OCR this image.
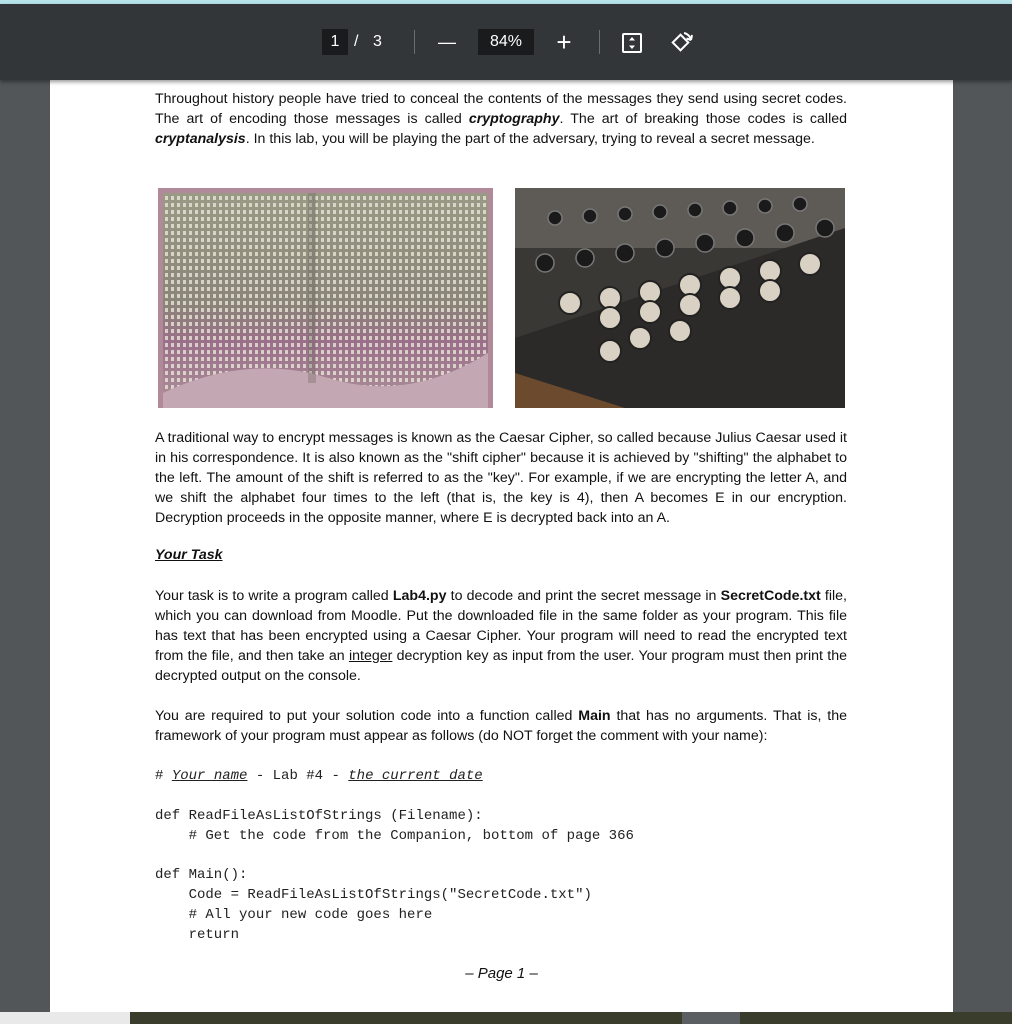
1 / 3	—	84%	+

Throughout history people have tried to conceal the contents of the messages they send using secret codes. The art of encoding those messages is called cryptography. The art of breaking those codes is called cryptanalysis. In this lab, you will be playing the part of the adversary, trying to reveal a secret message.

A traditional way to encrypt messages is known as the Caesar Cipher, so called because Julius Caesar used it in his correspondence. It is also known as the "shift cipher" because it is achieved by "shifting" the alphabet to the left. The amount of the shift is referred to as the "key". For example, if we are encrypting the letter A, and we shift the alphabet four times to the left (that is, the key is 4), then A becomes E in our encryption. Decryption proceeds in the opposite manner, where E is decrypted back into an A.

Your Task

Your task is to write a program called Lab4.py to decode and print the secret message in SecretCode.txt file, which you can download from Moodle. Put the downloaded file in the same folder as your program. This file has text that has been encrypted using a Caesar Cipher. Your program will need to read the encrypted text from the file, and then take an integer decryption key as input from the user. Your program must then print the decrypted output on the console.

You are required to put your solution code into a function called Main that has no arguments. That is, the framework of your program must appear as follows (do NOT forget the comment with your name):

# Your name - Lab #4 - the current date
def ReadFileAsListOfStrings (Filename):
# Get the code from the Companion, bottom of page 366
def Main():
Code = ReadFileAsListOfStrings("SecretCode.txt")
# All your new code goes here
return
– Page 1 –
